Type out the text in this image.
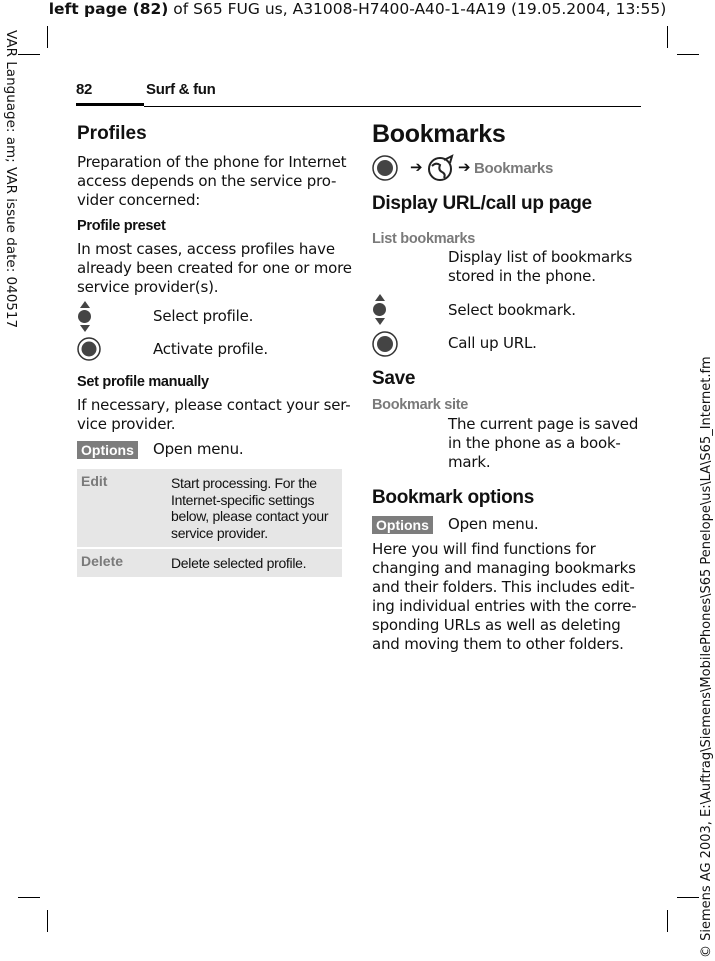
left page (82) of S65 FUG us, A31008-H7400-A40-1-4A19 (19.05.2004, 13:55)
VAR Language: am; VAR issue date: 040517
© Siemens AG 2003, E:\Auftrag\Siemens\MobilePhones\S65 Penelope\us\LA\S65_Internet.fm
82	Surf & fun
Profiles
Preparation of the phone for Internet
access depends on the service pro-
vider concerned:
Profile preset
In most cases, access profiles have
already been created for one or more
service provider(s).
Select profile.
Activate profile.
Set profile manually
If necessary, please contact your ser-
vice provider.
Options Open menu.
Edit	Start processing. For the
Internet-specific settings
below, please contact your
service provider.
Delete	Delete selected profile.
Bookmarks
➔ ➔ Bookmarks
Display URL/call up page
List bookmarks
Display list of bookmarks
stored in the phone.
Select bookmark.
Call up URL.
Save
Bookmark site
The current page is saved
in the phone as a book-
mark.
Bookmark options
Options Open menu.
Here you will find functions for
changing and managing bookmarks
and their folders. This includes edit-
ing individual entries with the corre-
sponding URLs as well as deleting
and moving them to other folders.
